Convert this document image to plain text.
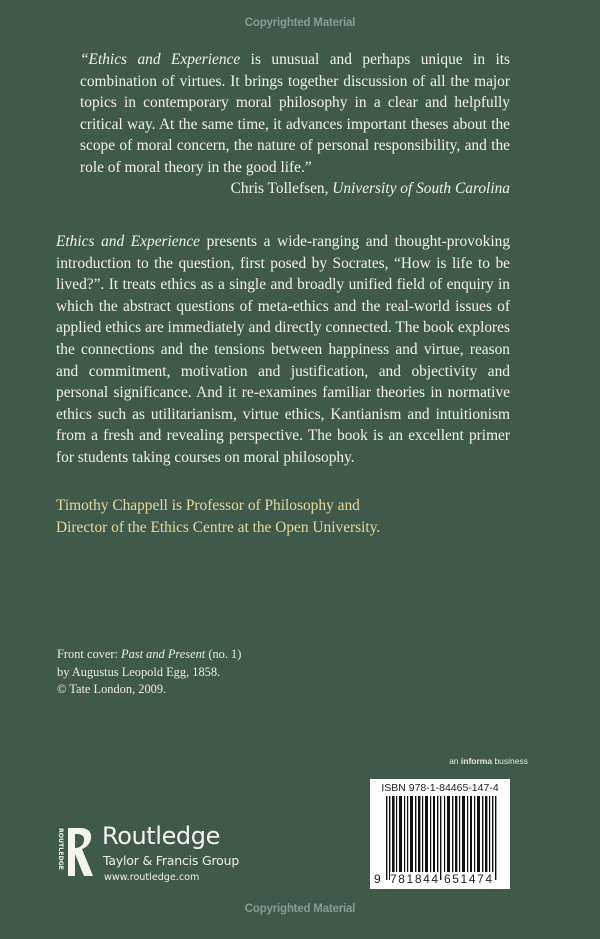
Copyrighted Material

“Ethics and Experience is unusual and perhaps unique in its combination of virtues. It brings together discussion of all the major topics in contemporary moral philosophy in a clear and helpfully critical way. At the same time, it advances important theses about the scope of moral concern, the nature of personal responsibility, and the role of moral theory in the good life.”

Chris Tollefsen, University of South Carolina

Ethics and Experience presents a wide-ranging and thought-provoking introduction to the question, first posed by Socrates, “How is life to be lived?”. It treats ethics as a single and broadly unified field of enquiry in which the abstract questions of meta-ethics and the real-world issues of applied ethics are immediately and directly connected. The book explores the connections and the tensions between happiness and virtue, reason and commitment, motivation and justification, and objectivity and personal significance. And it re-examines familiar theories in normative ethics such as utilitarianism, virtue ethics, Kantianism and intuitionism from a fresh and revealing perspective. The book is an excellent primer for students taking courses on moral philosophy.

Timothy Chappell is Professor of Philosophy and
Director of the Ethics Centre at the Open University.
Front cover: Past and Present (no. 1)
by Augustus Leopold Egg, 1858.
© Tate London, 2009.
an informa business
ISBN 978-1-84465-147-4
9 781844 651474
ROUTLEDGE Routledge
Taylor & Francis Group
www.routledge.com
Copyrighted Material
